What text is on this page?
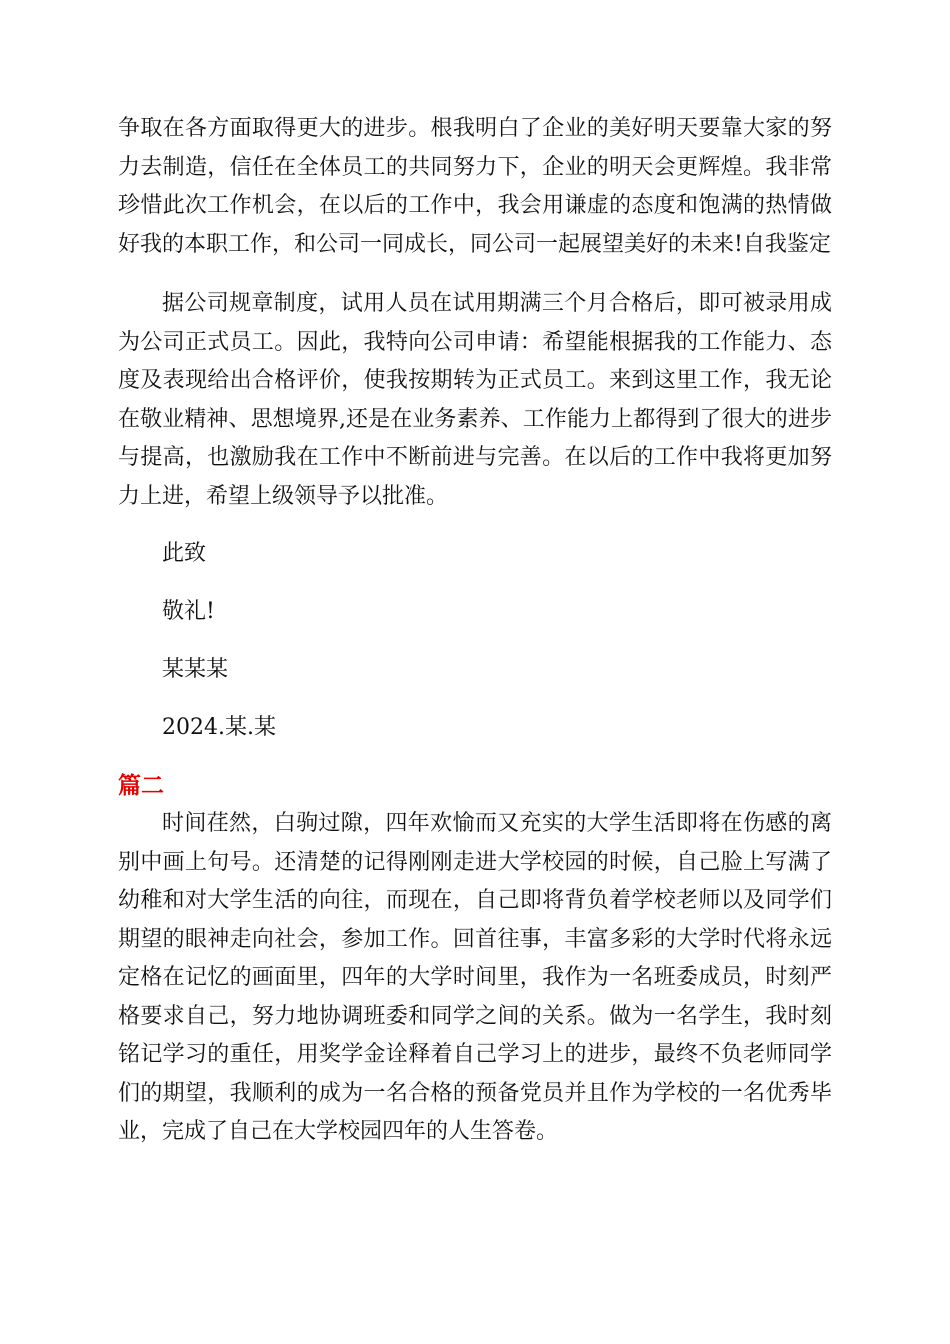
争取在各方面取得更大的进步。根我明白了企业的美好明天要靠大家的努力去制造，信任在全体员工的共同努力下，企业的明天会更辉煌。我非常珍惜此次工作机会，在以后的工作中，我会用谦虚的态度和饱满的热情做好我的本职工作，和公司一同成长，同公司一起展望美好的未来!自我鉴定

据公司规章制度，试用人员在试用期满三个月合格后，即可被录用成为公司正式员工。因此，我特向公司申请：希望能根据我的工作能力、态度及表现给出合格评价，使我按期转为正式员工。来到这里工作，我无论在敬业精神、思想境界,还是在业务素养、工作能力上都得到了很大的进步与提高，也激励我在工作中不断前进与完善。在以后的工作中我将更加努力上进，希望上级领导予以批准。

此致

敬礼!

某某某

2024.某.某

篇二

时间荏然，白驹过隙，四年欢愉而又充实的大学生活即将在伤感的离别中画上句号。还清楚的记得刚刚走进大学校园的时候，自己脸上写满了幼稚和对大学生活的向往，而现在，自己即将背负着学校老师以及同学们期望的眼神走向社会，参加工作。回首往事，丰富多彩的大学时代将永远定格在记忆的画面里，四年的大学时间里，我作为一名班委成员，时刻严格要求自己，努力地协调班委和同学之间的关系。做为一名学生，我时刻铭记学习的重任，用奖学金诠释着自己学习上的进步，最终不负老师同学们的期望，我顺利的成为一名合格的预备党员并且作为学校的一名优秀毕业，完成了自己在大学校园四年的人生答卷。
